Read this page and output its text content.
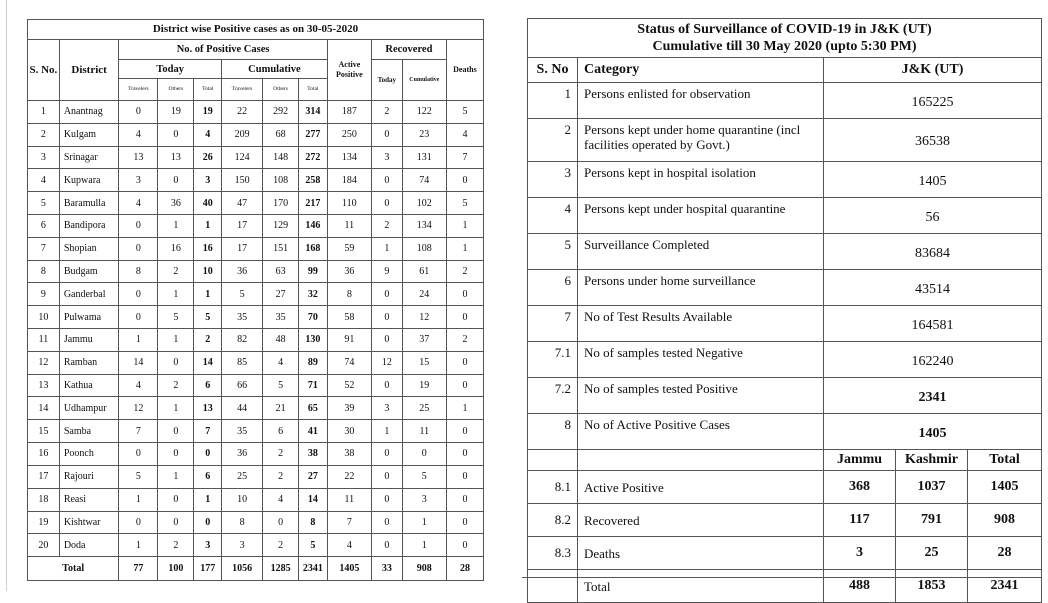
District wise Positive cases as on 30-05-2020											
S. No.	District	No. of Positive Cases						Active Positive	Recovered		Deaths
		Today			Cumulative				Today	Cumulative	
		Travelers	Others	Total	Travelers	Others	Total				
1	Anantnag	0	19	19	22	292	314	187	2	122	5
2	Kulgam	4	0	4	209	68	277	250	0	23	4
3	Srinagar	13	13	26	124	148	272	134	3	131	7
4	Kupwara	3	0	3	150	108	258	184	0	74	0
5	Baramulla	4	36	40	47	170	217	110	0	102	5
6	Bandipora	0	1	1	17	129	146	11	2	134	1
7	Shopian	0	16	16	17	151	168	59	1	108	1
8	Budgam	8	2	10	36	63	99	36	9	61	2
9	Ganderbal	0	1	1	5	27	32	8	0	24	0
10	Pulwama	0	5	5	35	35	70	58	0	12	0
11	Jammu	1	1	2	82	48	130	91	0	37	2
12	Ramban	14	0	14	85	4	89	74	12	15	0
13	Kathua	4	2	6	66	5	71	52	0	19	0
14	Udhampur	12	1	13	44	21	65	39	3	25	1
15	Samba	7	0	7	35	6	41	30	1	11	0
16	Poonch	0	0	0	36	2	38	38	0	0	0
17	Rajouri	5	1	6	25	2	27	22	0	5	0
18	Reasi	1	0	1	10	4	14	11	0	3	0
19	Kishtwar	0	0	0	8	0	8	7	0	1	0
20	Doda	1	2	3	3	2	5	4	0	1	0
Total		77	100	177	1056	1285	2341	1405	33	908	28
Status of Surveillance of COVID-19 in J&K (UT)
Cumulative till 30 May 2020 (upto 5:30 PM)				

S. No	Category	J&K (UT)		
1	Persons enlisted for observation	165225		
2	Persons kept under home quarantine (incl facilities operated by Govt.)	36538		
3	Persons kept in hospital isolation	1405		
4	Persons kept under hospital quarantine	56		
5	Surveillance Completed	83684		
6	Persons under home surveillance	43514		
7	No of Test Results Available	164581		
7.1	No of samples tested Negative	162240		
7.2	No of samples tested Positive	2341		
8	No of Active Positive Cases	1405		
		Jammu	Kashmir	Total
8.1	Active Positive	368	1037	1405
8.2	Recovered	117	791	908
8.3	Deaths	3	25	28
	Total	488	1853	2341
